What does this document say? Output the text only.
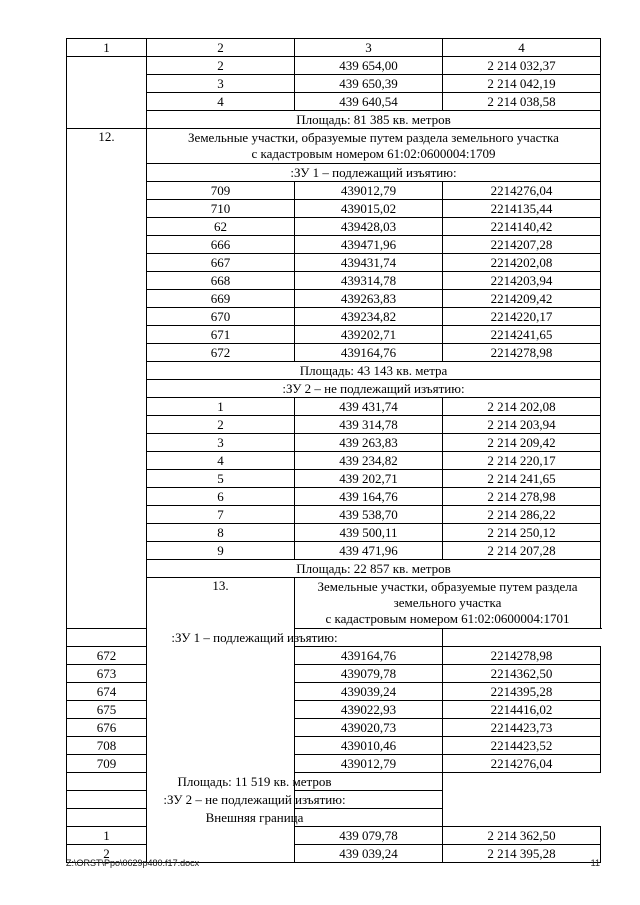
1	2	3	4
	2	439 654,00	2 214 032,37
	3	439 650,39	2 214 042,19
	4	439 640,54	2 214 038,58
	Площадь: 81 385 кв. метров		
12.	Земельные участки, образуемые путем раздела земельного участка
с кадастровым номером 61:02:0600004:1709		
	:ЗУ 1 – подлежащий изъятию:		
	709	439012,79	2214276,04
	710	439015,02	2214135,44
	62	439428,03	2214140,42
	666	439471,96	2214207,28
	667	439431,74	2214202,08
	668	439314,78	2214203,94
	669	439263,83	2214209,42
	670	439234,82	2214220,17
	671	439202,71	2214241,65
	672	439164,76	2214278,98
	Площадь: 43 143 кв. метра		
	:ЗУ 2 – не подлежащий изъятию:		
	1	439 431,74	2 214 202,08
	2	439 314,78	2 214 203,94
	3	439 263,83	2 214 209,42
	4	439 234,82	2 214 220,17
	5	439 202,71	2 214 241,65
	6	439 164,76	2 214 278,98
	7	439 538,70	2 214 286,22
	8	439 500,11	2 214 250,12
	9	439 471,96	2 214 207,28
	Площадь: 22 857 кв. метров		
	13.	Земельные участки, образуемые путем раздела земельного участка
с кадастровым номером 61:02:0600004:1701	
:ЗУ 1 – подлежащий изъятию:			
672		439164,76	2214278,98
673		439079,78	2214362,50
674		439039,24	2214395,28
675		439022,93	2214416,02
676		439020,73	2214423,73
708		439010,46	2214423,52
709		439012,79	2214276,04
Площадь: 11 519 кв. метров			
:ЗУ 2 – не подлежащий изъятию:			
Внешняя граница			
1		439 079,78	2 214 362,50
2		439 039,24	2 214 395,28
Z:\ORST\Ppo\0629p480.f17.docx	11
